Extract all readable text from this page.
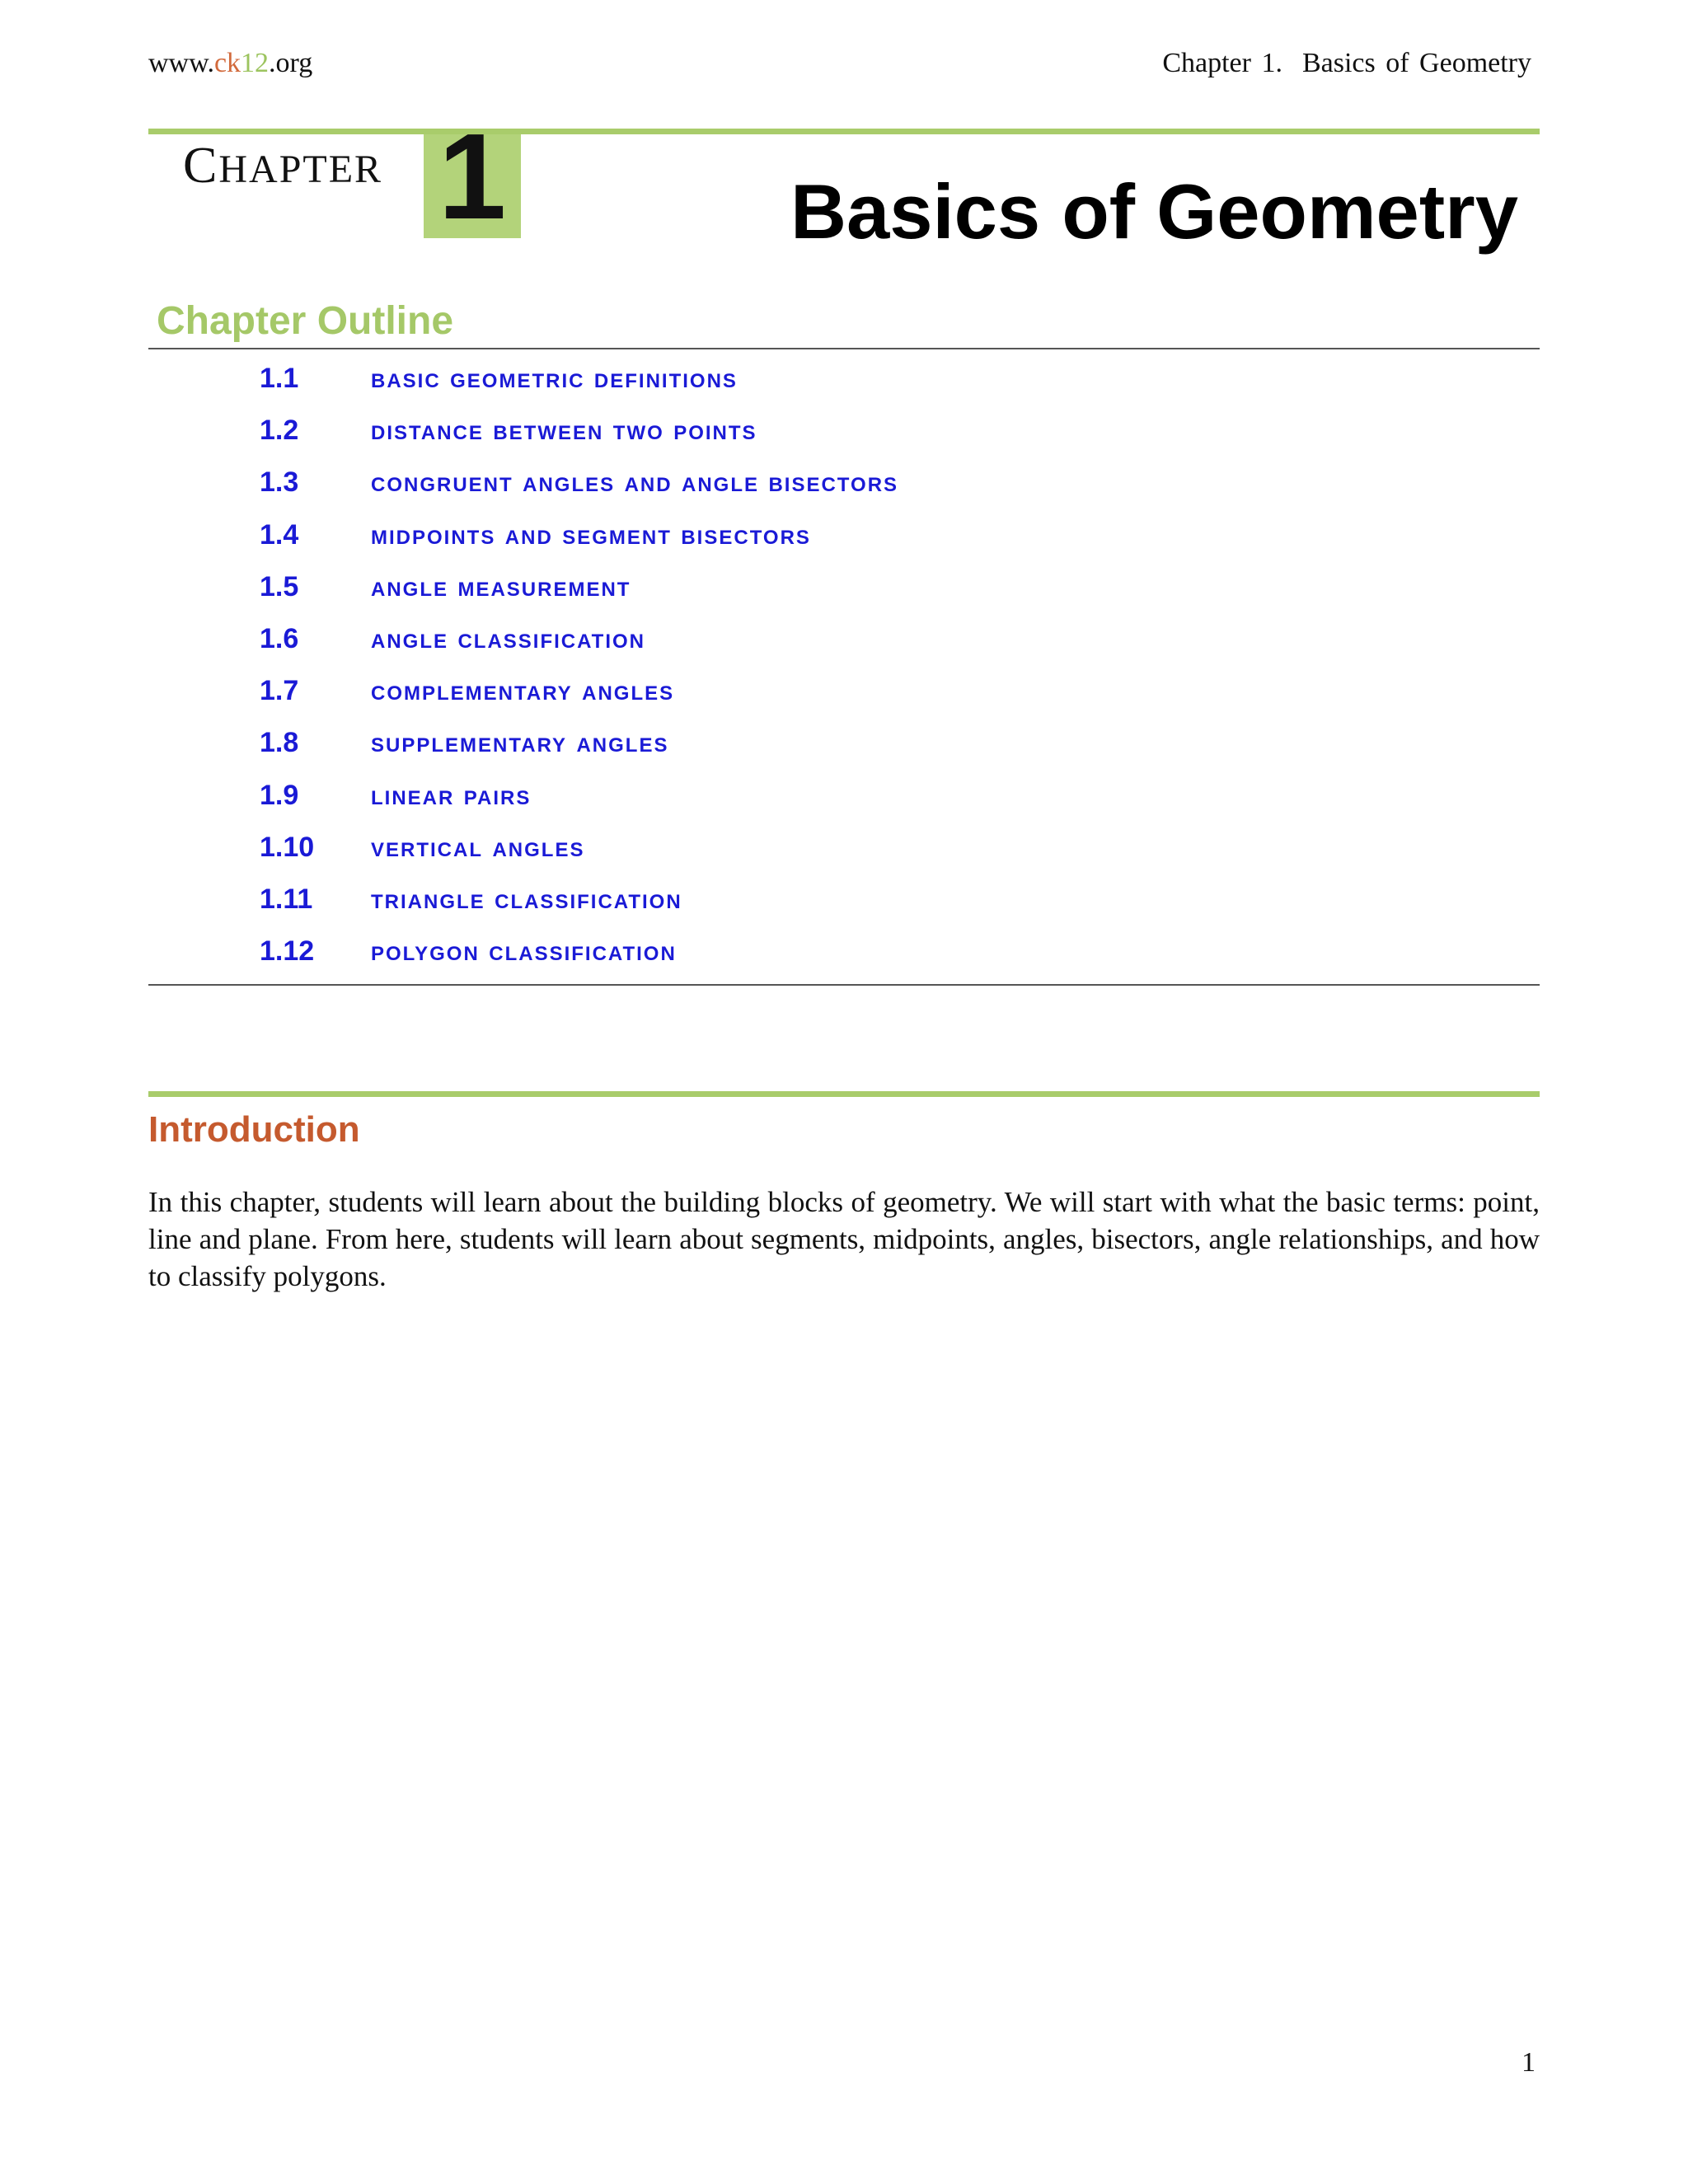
www.ck12.org	Chapter 1. Basics of Geometry
CHAPTER 1	Basics of Geometry
Chapter Outline
1.1	basic geometric definitions
1.2	distance between two points
1.3	congruent angles and angle bisectors
1.4	midpoints and segment bisectors
1.5	angle measurement
1.6	angle classification
1.7	complementary angles
1.8	supplementary angles
1.9	linear pairs
1.10 vertical angles
1.11 triangle classification
1.12 polygon classification
Introduction

In this chapter, students will learn about the building blocks of geometry. We will start with what the basic terms: point, line and plane. From here, students will learn about segments, midpoints, angles, bisectors, angle relationships, and how to classify polygons.

1
